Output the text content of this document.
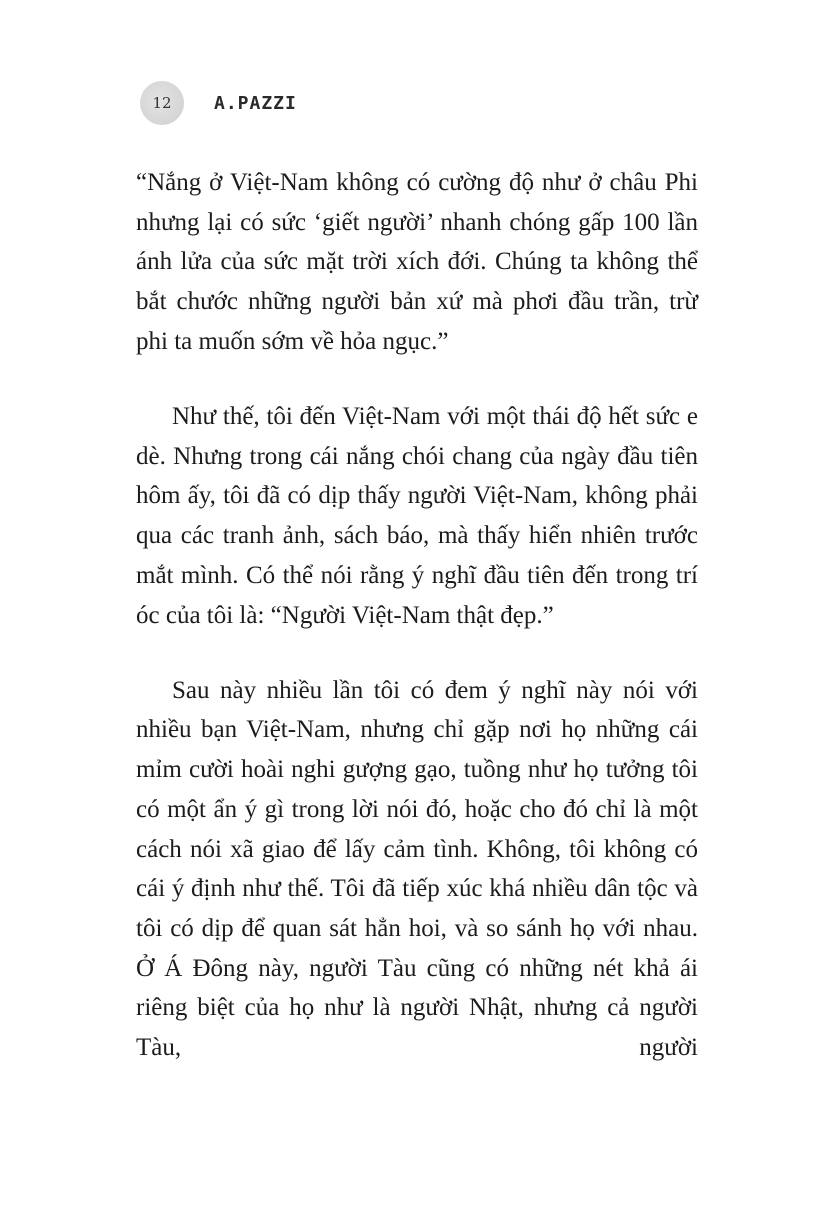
12 A.PAZZI

“Nắng ở Việt-Nam không có cường độ như ở châu Phi nhưng lại có sức ‘giết người’ nhanh chóng gấp 100 lần ánh lửa của sức mặt trời xích đới. Chúng ta không thể bắt chước những người bản xứ mà phơi đầu trần, trừ phi ta muốn sớm về hỏa ngục.”

Như thế, tôi đến Việt-Nam với một thái độ hết sức e dè. Nhưng trong cái nắng chói chang của ngày đầu tiên hôm ấy, tôi đã có dịp thấy người Việt-Nam, không phải qua các tranh ảnh, sách báo, mà thấy hiển nhiên trước mắt mình. Có thể nói rằng ý nghĩ đầu tiên đến trong trí óc của tôi là: “Người Việt-Nam thật đẹp.”

Sau này nhiều lần tôi có đem ý nghĩ này nói với nhiều bạn Việt-Nam, nhưng chỉ gặp nơi họ những cái mỉm cười hoài nghi gượng gạo, tuồng như họ tưởng tôi có một ẩn ý gì trong lời nói đó, hoặc cho đó chỉ là một cách nói xã giao để lấy cảm tình. Không, tôi không có cái ý định như thế. Tôi đã tiếp xúc khá nhiều dân tộc và tôi có dịp để quan sát hẳn hoi, và so sánh họ với nhau. Ở Á Đông này, người Tàu cũng có những nét khả ái riêng biệt của họ như là người Nhật, nhưng cả người Tàu, người
